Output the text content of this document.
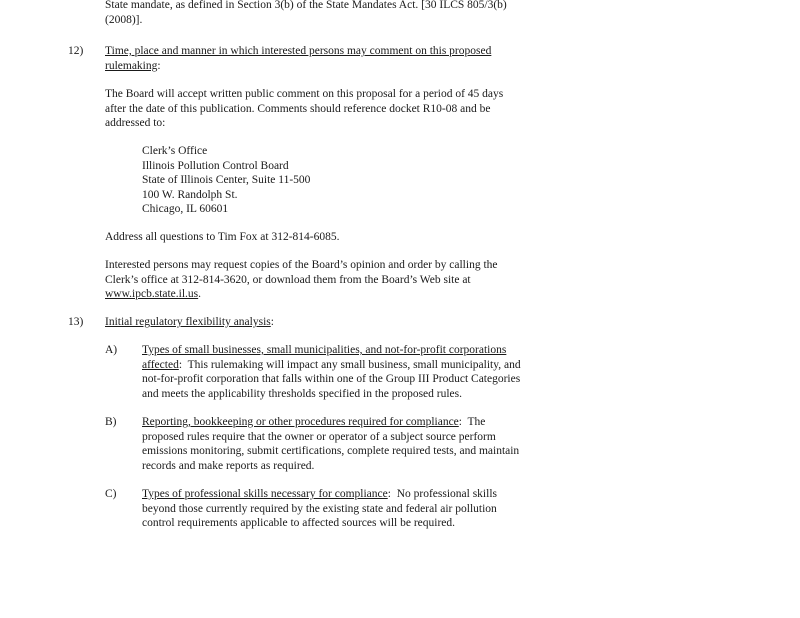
State mandate, as defined in Section 3(b) of the State Mandates Act. [30 ILCS 805/3(b)
(2008)].
12) Time, place and manner in which interested persons may comment on this proposed
rulemaking:
The Board will accept written public comment on this proposal for a period of 45 days
after the date of this publication. Comments should reference docket R10-08 and be
addressed to:
Clerk’s Office
Illinois Pollution Control Board
State of Illinois Center, Suite 11-500
100 W. Randolph St.
Chicago, IL 60601
Address all questions to Tim Fox at 312-814-6085.
Interested persons may request copies of the Board’s opinion and order by calling the
Clerk’s office at 312-814-3620, or download them from the Board’s Web site at
www.ipcb.state.il.us.
13) Initial regulatory flexibility analysis:
A) Types of small businesses, small municipalities, and not-for-profit corporations
affected:  This rulemaking will impact any small business, small municipality, and
not-for-profit corporation that falls within one of the Group III Product Categories
and meets the applicability thresholds specified in the proposed rules.
B) Reporting, bookkeeping or other procedures required for compliance:  The
proposed rules require that the owner or operator of a subject source perform
emissions monitoring, submit certifications, complete required tests, and maintain
records and make reports as required.
C) Types of professional skills necessary for compliance:  No professional skills
beyond those currently required by the existing state and federal air pollution
control requirements applicable to affected sources will be required.
